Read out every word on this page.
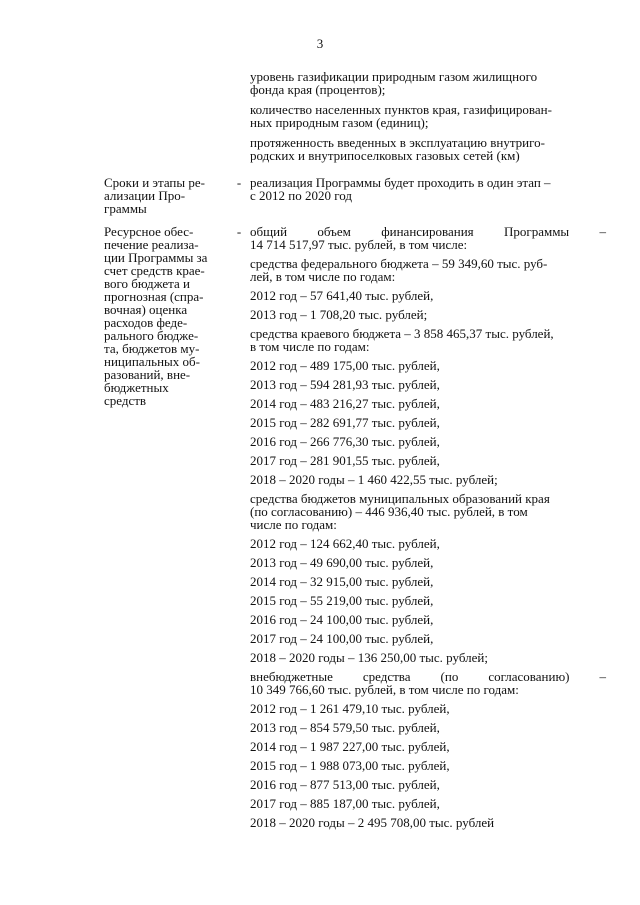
3
уровень газификации природным газом жилищного
фонда края (процентов);
количество населенных пунктов края, газифицирован-
ных природным газом (единиц);
протяженность введенных в эксплуатацию внутриго-
родских и внутрипоселковых газовых сетей (км)
Сроки и этапы ре-
ализации Про-
граммы
- реализация Программы будет проходить в один этап –
с 2012 по 2020 год
Ресурсное обес-
печение реализа-
ции Программы за
счет средств крае-
вого бюджета и
прогнозная (спра-
вочная) оценка
расходов феде-
рального бюдже-
та, бюджетов му-
ниципальных об-
разований, вне-
бюджетных
средств
- общий объем финансирования Программы –
14 714 517,97 тыс. рублей, в том числе:
средства федерального бюджета – 59 349,60 тыс. руб-
лей, в том числе по годам:
2012 год – 57 641,40 тыс. рублей,
2013 год – 1 708,20 тыс. рублей;
средства краевого бюджета – 3 858 465,37 тыс. рублей,
в том числе по годам:
2012 год – 489 175,00 тыс. рублей,
2013 год – 594 281,93 тыс. рублей,
2014 год – 483 216,27 тыс. рублей,
2015 год – 282 691,77 тыс. рублей,
2016 год – 266 776,30 тыс. рублей,
2017 год – 281 901,55 тыс. рублей,
2018 – 2020 годы – 1 460 422,55 тыс. рублей;
средства бюджетов муниципальных образований края
(по согласованию) – 446 936,40 тыс. рублей, в том
числе по годам:
2012 год – 124 662,40 тыс. рублей,
2013 год – 49 690,00 тыс. рублей,
2014 год – 32 915,00 тыс. рублей,
2015 год – 55 219,00 тыс. рублей,
2016 год – 24 100,00 тыс. рублей,
2017 год – 24 100,00 тыс. рублей,
2018 – 2020 годы – 136 250,00 тыс. рублей;
внебюджетные средства (по согласованию) –
10 349 766,60 тыс. рублей, в том числе по годам:
2012 год – 1 261 479,10 тыс. рублей,
2013 год – 854 579,50 тыс. рублей,
2014 год – 1 987 227,00 тыс. рублей,
2015 год – 1 988 073,00 тыс. рублей,
2016 год – 877 513,00 тыс. рублей,
2017 год – 885 187,00 тыс. рублей,
2018 – 2020 годы – 2 495 708,00 тыс. рублей
